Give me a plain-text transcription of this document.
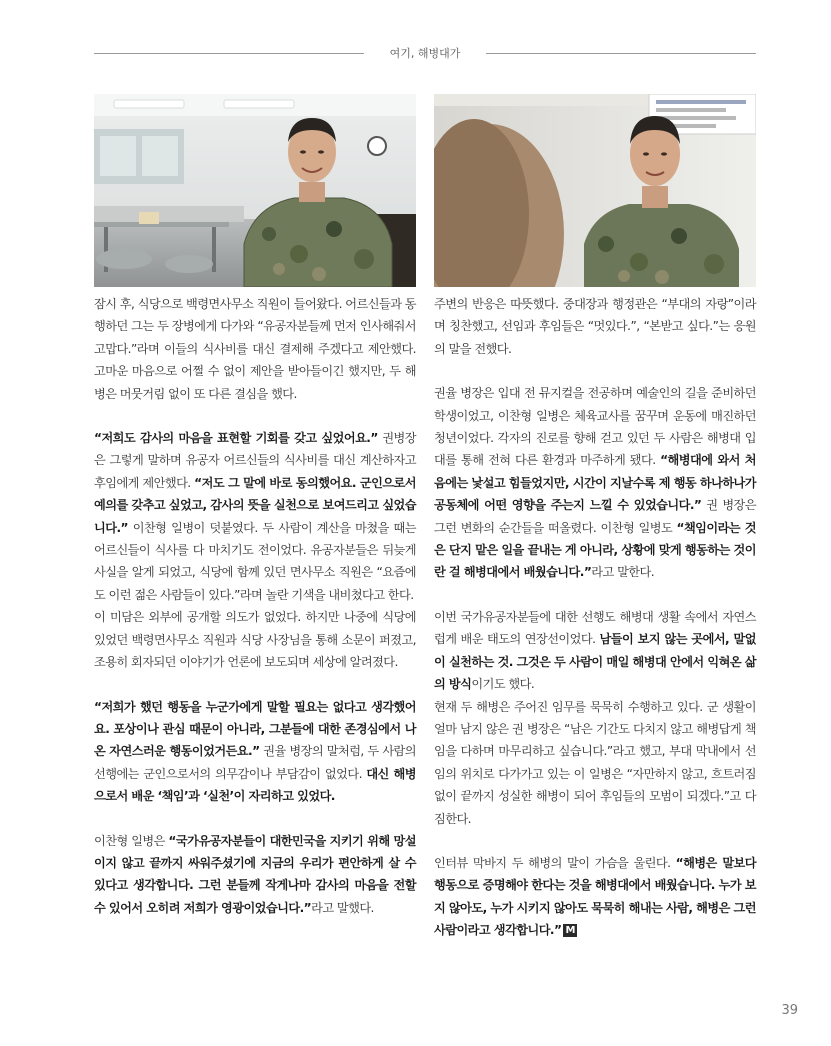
여기, 해병대가

잠시 후, 식당으로 백령면사무소 직원이 들어왔다. 어르신들과 동행하던 그는 두 장병에게 다가와 “유공자분들께 먼저 인사해줘서 고맙다.”라며 이들의 식사비를 대신 결제해 주겠다고 제안했다. 고마운 마음으로 어쩔 수 없이 제안을 받아들이긴 했지만, 두 해병은 머뭇거림 없이 또 다른 결심을 했다.

“저희도 감사의 마음을 표현할 기회를 갖고 싶었어요.” 권병장은 그렇게 말하며 유공자 어르신들의 식사비를 대신 계산하자고 후임에게 제안했다. “저도 그 말에 바로 동의했어요. 군인으로서 예의를 갖추고 싶었고, 감사의 뜻을 실천으로 보여드리고 싶었습니다.” 이찬형 일병이 덧붙였다. 두 사람이 계산을 마쳤을 때는 어르신들이 식사를 다 마치기도 전이었다. 유공자분들은 뒤늦게 사실을 알게 되었고, 식당에 함께 있던 면사무소 직원은 “요즘에도 이런 젊은 사람들이 있다.”라며 놀란 기색을 내비쳤다고 한다.

이 미담은 외부에 공개할 의도가 없었다. 하지만 나중에 식당에 있었던 백령면사무소 직원과 식당 사장님을 통해 소문이 퍼졌고, 조용히 회자되던 이야기가 언론에 보도되며 세상에 알려졌다.

“저희가 했던 행동을 누군가에게 말할 필요는 없다고 생각했어요. 포상이나 관심 때문이 아니라, 그분들에 대한 존경심에서 나온 자연스러운 행동이었거든요.” 권율 병장의 말처럼, 두 사람의 선행에는 군인으로서의 의무감이나 부담감이 없었다. 대신 해병으로서 배운 ‘책임’과 ‘실천’이 자리하고 있었다.

이찬형 일병은 “국가유공자분들이 대한민국을 지키기 위해 망설이지 않고 끝까지 싸워주셨기에 지금의 우리가 편안하게 살 수 있다고 생각합니다. 그런 분들께 작게나마 감사의 마음을 전할 수 있어서 오히려 저희가 영광이었습니다.”라고 말했다.

주변의 반응은 따뜻했다. 중대장과 행정관은 “부대의 자랑”이라며 칭찬했고, 선임과 후임들은 “멋있다.”, “본받고 싶다.”는 응원의 말을 전했다.

권율 병장은 입대 전 뮤지컬을 전공하며 예술인의 길을 준비하던 학생이었고, 이찬형 일병은 체육교사를 꿈꾸며 운동에 매진하던 청년이었다. 각자의 진로를 향해 걷고 있던 두 사람은 해병대 입대를 통해 전혀 다른 환경과 마주하게 됐다. “해병대에 와서 처음에는 낯설고 힘들었지만, 시간이 지날수록 제 행동 하나하나가 공동체에 어떤 영향을 주는지 느낄 수 있었습니다.” 권 병장은 그런 변화의 순간들을 떠올렸다. 이찬형 일병도 “책임이라는 것은 단지 맡은 일을 끝내는 게 아니라, 상황에 맞게 행동하는 것이란 걸 해병대에서 배웠습니다.”라고 말한다.

이번 국가유공자분들에 대한 선행도 해병대 생활 속에서 자연스럽게 배운 태도의 연장선이었다. 남들이 보지 않는 곳에서, 말없이 실천하는 것. 그것은 두 사람이 매일 해병대 안에서 익혀온 삶의 방식이기도 했다.

현재 두 해병은 주어진 임무를 묵묵히 수행하고 있다. 군 생활이 얼마 남지 않은 권 병장은 “남은 기간도 다치지 않고 해병답게 책임을 다하며 마무리하고 싶습니다.”라고 했고, 부대 막내에서 선임의 위치로 다가가고 있는 이 일병은 “자만하지 않고, 흐트러짐 없이 끝까지 성실한 해병이 되어 후임들의 모범이 되겠다.”고 다짐한다.

인터뷰 막바지 두 해병의 말이 가슴을 울린다. “해병은 말보다 행동으로 증명해야 한다는 것을 해병대에서 배웠습니다. 누가 보지 않아도, 누가 시키지 않아도 묵묵히 해내는 사람, 해병은 그런 사람이라고 생각합니다.” M

39
